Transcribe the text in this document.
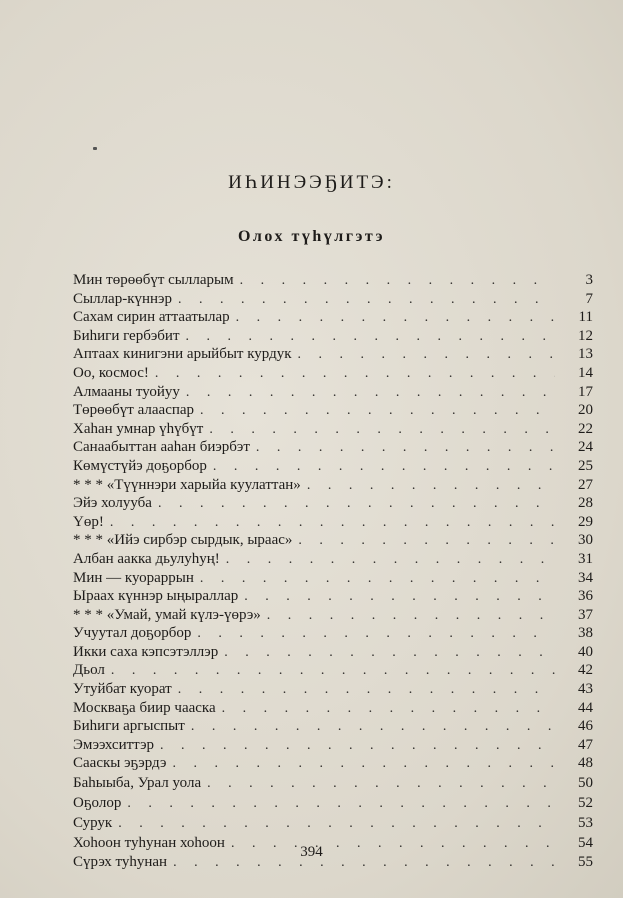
ИҺИНЭЭҔИТЭ:
Олох түһүлгэтэ
Мин төрөөбүт сылларым . . .	3
Сыллар-күннэр . . .	7
Сахам сирин аттаатылар . . .	11
Биһиги гербэбит . . .	12
Аптаах кинигэни арыйбыт курдук . . .	13
Оо, космос! . . .	14
Алмааны туойуу . . .	17
Төрөөбүт алааспар . . .	20
Хаһан умнар үһүбүт . . .	22
Санаабыттан ааһан биэрбэт . . .	24
Көмүстүйэ доҕорбор . . .	25
* * * «Түүннэри харыйа куулаттан» . . .	27
Эйэ холууба . . .	28
Үөр! . . .	29
* * * «Ийэ сирбэр сырдык, ыраас» . . .	30
Албан аакка дьулуһуң! . . .	31
Мин — куорappын . . .	34
Ыраах күннэр ыңыраллар . . .	36
* * * «Умай, умай күлэ-үөрэ» . . .	37
Учуутал доҕорбор . . .	38
Икки саха кэпсэтэллэр . . .	40
Дьол . . .	42
Утуйбат куорат . . .	43
Москваҕа биир чааска . . .	44
Биһиги аргыспыт . . .	46
Эмээхситтэр . . .	47
Сааскы эҕэрдэ . . .	48
Баһыыба, Урал уола . . .	50
Оҕолор . . .	52
Сурук . . .	53
Хоһоон туһунан хоһоон . . .	54
Сүрэх туһунан . . .	55
394
